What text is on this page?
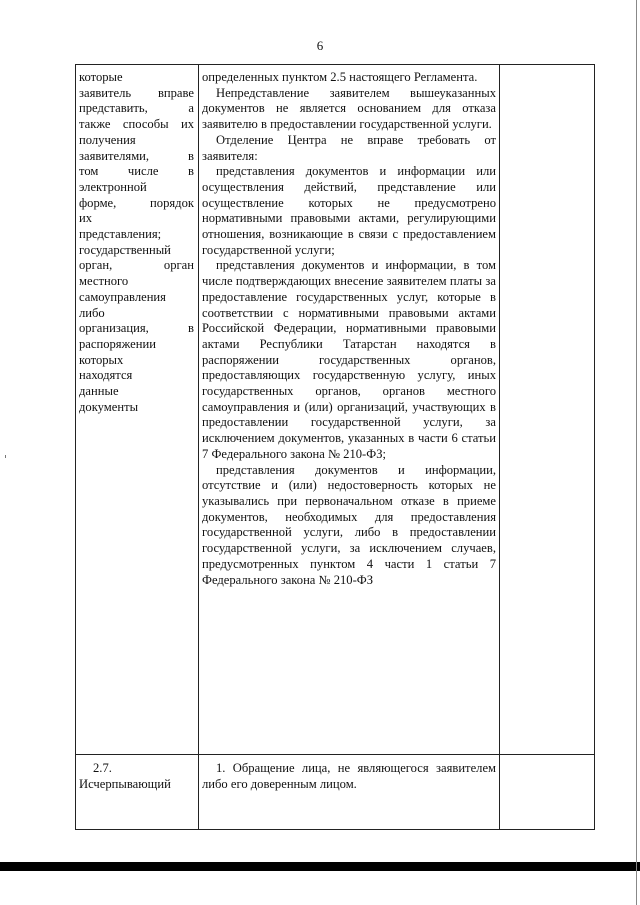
6

которые

заявитель вправе

представить, а

также способы их

получения

заявителями, в

том числе в

электронной

форме, порядок

их

представления;

государственный

орган, орган

местного

самоуправления

либо

организация, в

распоряжении

которых

находятся

данные

документы

определенных пунктом 2.5 настоящего Регламента.

Непредставление заявителем вышеуказанных документов не является основанием для отказа заявителю в предоставлении государственной услуги.

Отделение Центра не вправе требовать от заявителя:

представления документов и информации или осуществления действий, представление или осуществление которых не предусмотрено нормативными правовыми актами, регулирующими отношения, возникающие в связи с предоставлением государственной услуги;

представления документов и информации, в том числе подтверждающих внесение заявителем платы за предоставление государственных услуг, которые в соответствии с нормативными правовыми актами Российской Федерации, нормативными правовыми актами Республики Татарстан находятся в распоряжении государственных органов, предоставляющих государственную услугу, иных государственных органов, органов местного самоуправления и (или) организаций, участвующих в предоставлении государственной услуги, за исключением документов, указанных в части 6 статьи 7 Федерального закона № 210-ФЗ;

представления документов и информации, отсутствие и (или) недостоверность которых не указывались при первоначальном отказе в приеме документов, необходимых для предоставления государственной услуги, либо в предоставлении государственной услуги, за исключением случаев, предусмотренных пунктом 4 части 1 статьи 7 Федерального закона № 210-ФЗ

2.7.

Исчерпывающий

1. Обращение лица, не являющегося заявителем либо его доверенным лицом.
